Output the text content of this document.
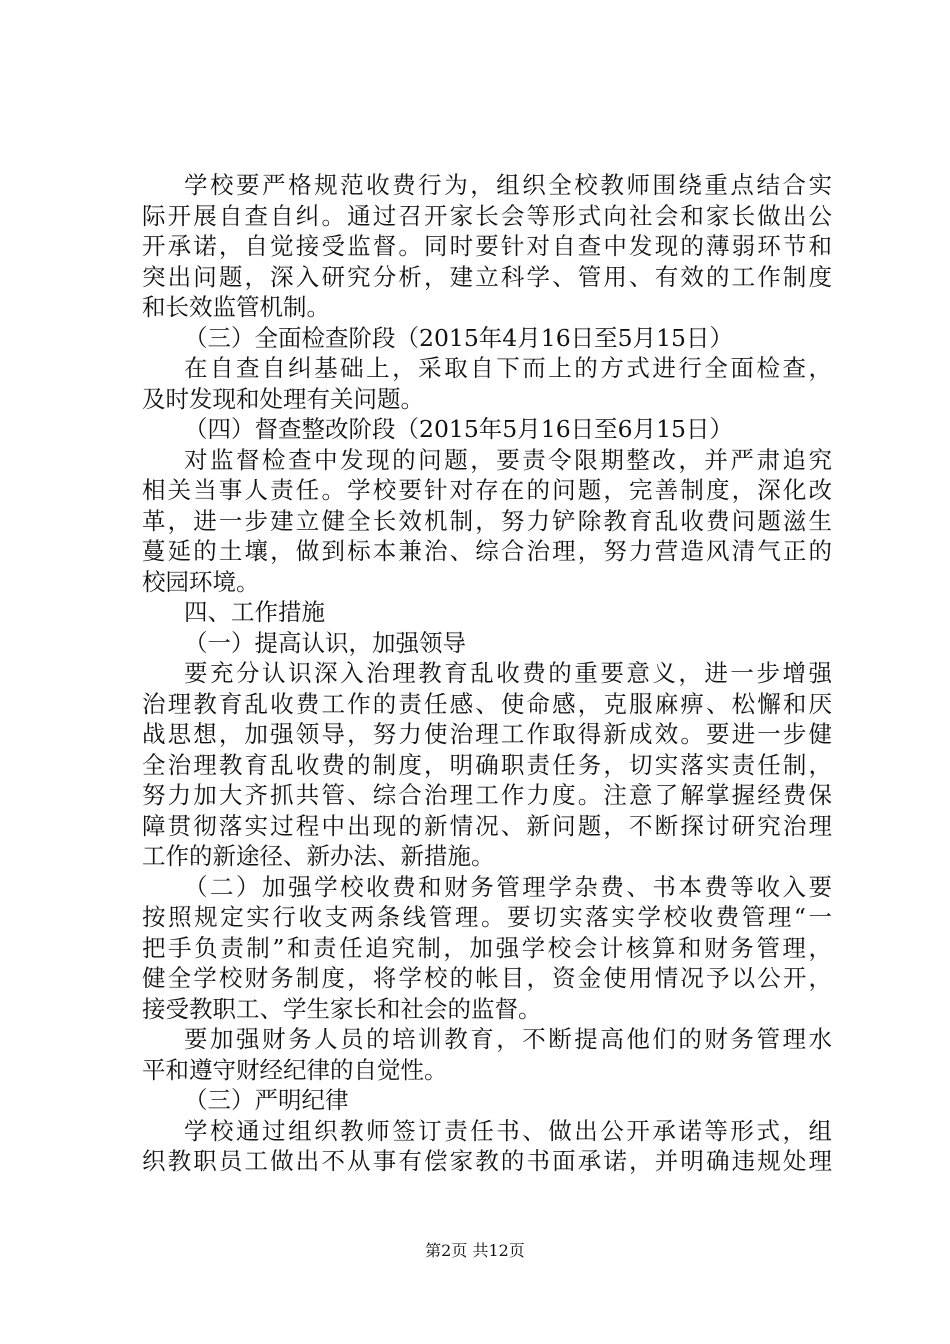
学校要严格规范收费行为，组织全校教师围绕重点结合实
际开展自查自纠。通过召开家长会等形式向社会和家长做出公
开承诺，自觉接受监督。同时要针对自查中发现的薄弱环节和
突出问题，深入研究分析，建立科学、管用、有效的工作制度
和长效监管机制。
（三）全面检查阶段（2015年4月16日至5月15日）
在自查自纠基础上，采取自下而上的方式进行全面检查，
及时发现和处理有关问题。
（四）督查整改阶段（2015年5月16日至6月15日）
对监督检查中发现的问题，要责令限期整改，并严肃追究
相关当事人责任。学校要针对存在的问题，完善制度，深化改
革，进一步建立健全长效机制，努力铲除教育乱收费问题滋生
蔓延的土壤，做到标本兼治、综合治理，努力营造风清气正的
校园环境。
四、工作措施
（一）提高认识，加强领导
要充分认识深入治理教育乱收费的重要意义，进一步增强
治理教育乱收费工作的责任感、使命感，克服麻痹、松懈和厌
战思想，加强领导，努力使治理工作取得新成效。要进一步健
全治理教育乱收费的制度，明确职责任务，切实落实责任制，
努力加大齐抓共管、综合治理工作力度。注意了解掌握经费保
障贯彻落实过程中出现的新情况、新问题，不断探讨研究治理
工作的新途径、新办法、新措施。
（二）加强学校收费和财务管理学杂费、书本费等收入要
按照规定实行收支两条线管理。要切实落实学校收费管理“一
把手负责制”和责任追究制，加强学校会计核算和财务管理，
健全学校财务制度，将学校的帐目，资金使用情况予以公开，
接受教职工、学生家长和社会的监督。
要加强财务人员的培训教育，不断提高他们的财务管理水
平和遵守财经纪律的自觉性。
（三）严明纪律
学校通过组织教师签订责任书、做出公开承诺等形式，组
织教职员工做出不从事有偿家教的书面承诺，并明确违规处理
第2页 共12页
